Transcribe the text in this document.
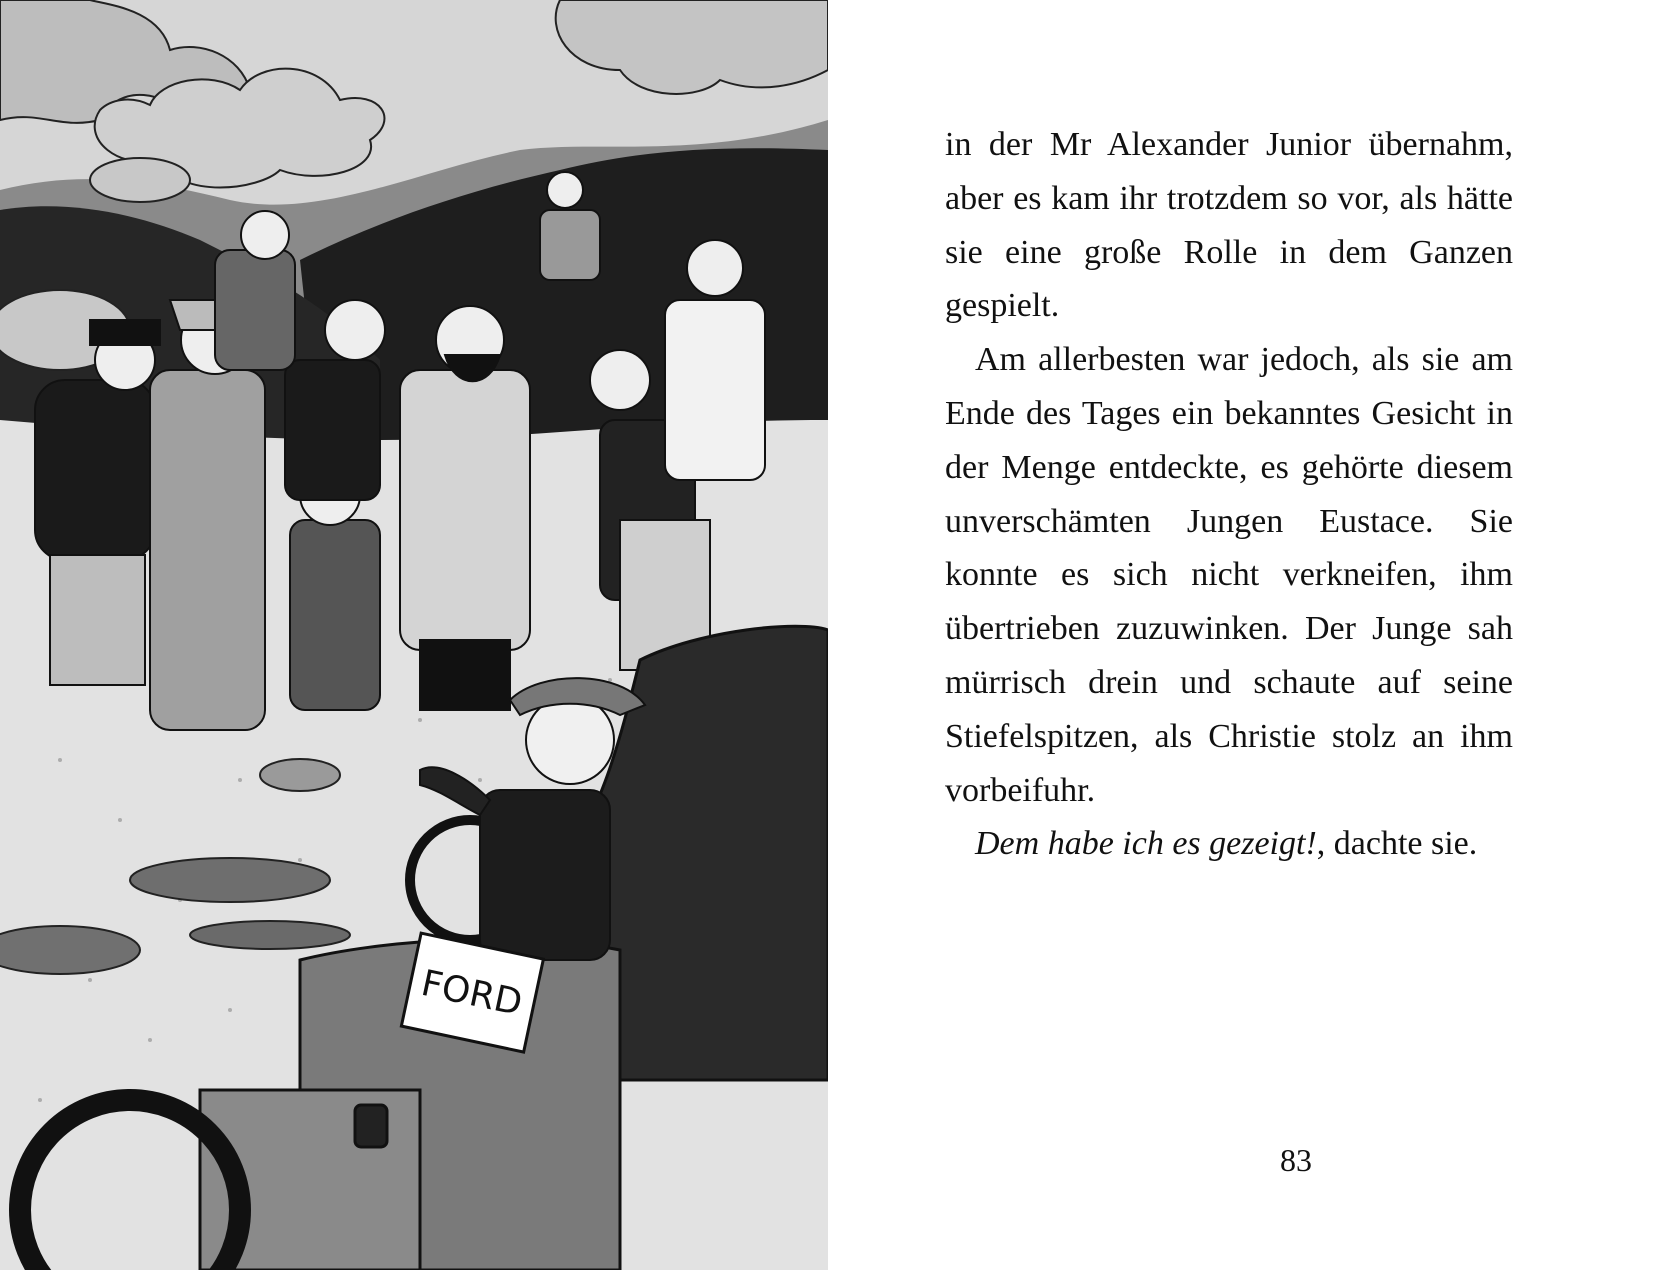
FORD

in der Mr Alexander Junior übernahm, aber es kam ihr trotzdem so vor, als hätte sie eine große Rolle in dem Ganzen gespielt.

Am allerbesten war jedoch, als sie am Ende des Tages ein bekanntes Gesicht in der Menge entdeckte, es gehörte diesem unverschämten Jungen Eustace. Sie konnte es sich nicht verkneifen, ihm übertrieben zuzuwinken. Der Junge sah mürrisch drein und schaute auf seine Stiefelspitzen, als Christie stolz an ihm vorbeifuhr.

Dem habe ich es gezeigt!, dachte sie.

83
